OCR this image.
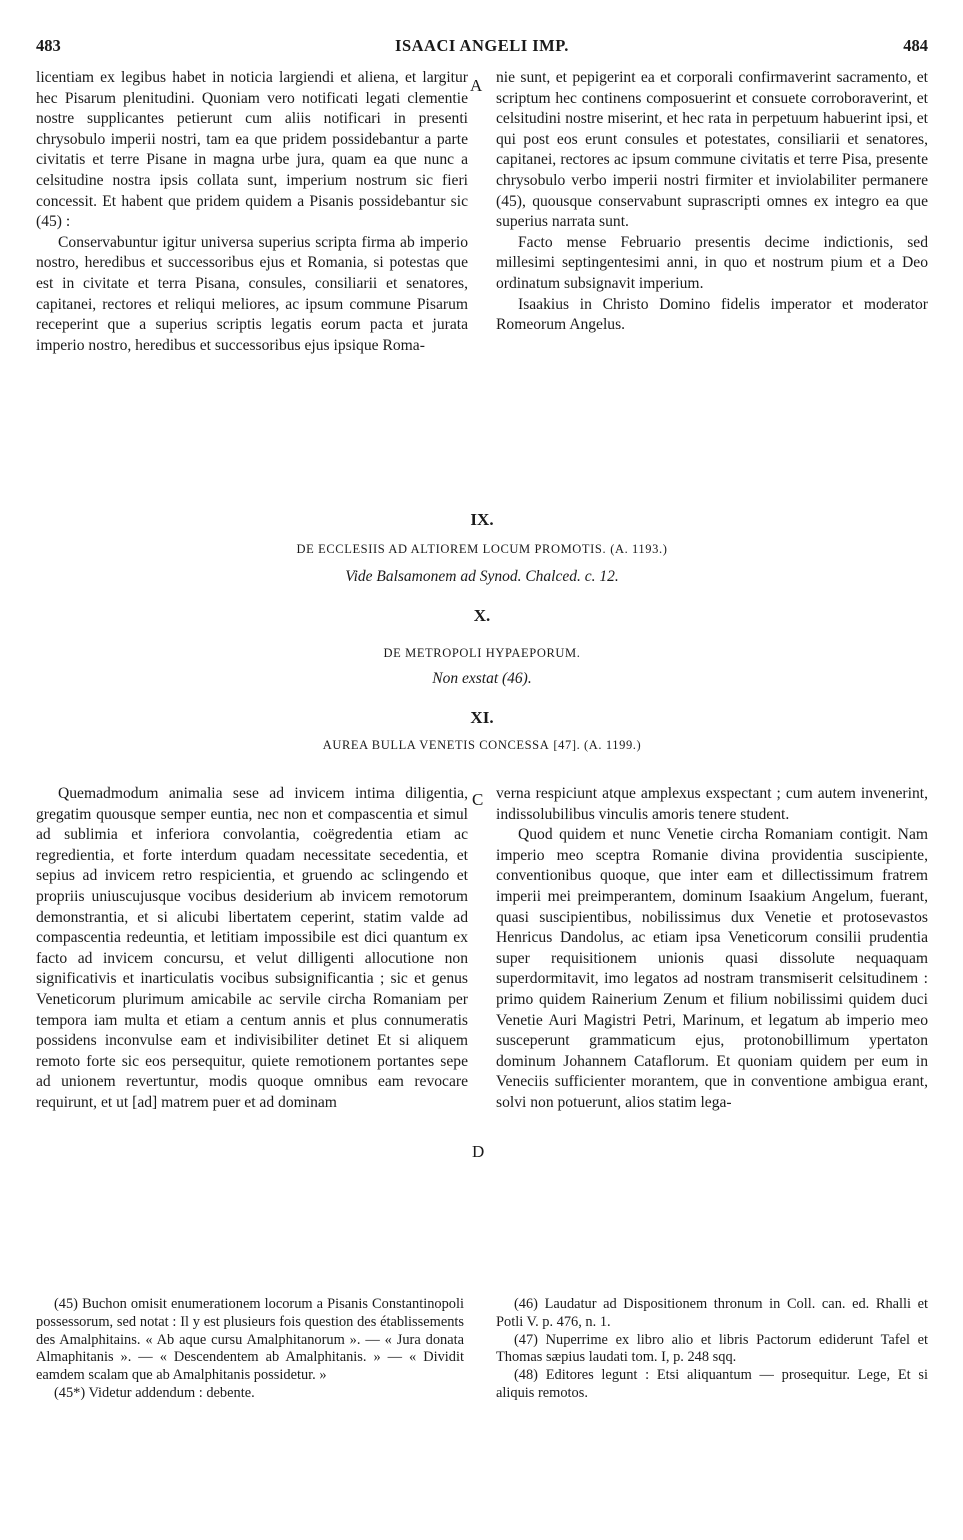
483	ISAACI ANGELI IMP.	484

licentiam ex legibus habet in noticia largiendi et aliena, et largitur hec Pisarum plenitudini. Quoniam vero notificati legati clementie nostre supplicantes petierunt cum aliis notificari in presenti chrysobulo imperii nostri, tam ea que pridem possidebantur a parte civitatis et terre Pisane in magna urbe jura, quam ea que nunc a celsitudine nostra ipsis collata sunt, imperium nostrum sic fieri concessit. Et habent que pridem quidem a Pisanis possidebantur sic (45) :

Conservabuntur igitur universa superius scripta firma ab imperio nostro, heredibus et successoribus ejus et Romania, si potestas que est in civitate et terra Pisana, consules, consiliarii et senatores, capitanei, rectores et reliqui meliores, ac ipsum commune Pisarum receperint que a superius scriptis legatis eorum pacta et jurata imperio nostro, heredibus et successoribus ejus ipsique Roma-

A nie sunt, et pepigerint ea et corporali confirmaverint sacramento, et scriptum hec continens composuerint et consuete corroboraverint, et celsitudini nostre miserint, et hec rata in perpetuum habuerint ipsi, et qui post eos erunt consules et potestates, consiliarii et senatores, capitanei, rectores ac ipsum commune civitatis et terre Pisa, presente chrysobulo verbo imperii nostri firmiter et inviolabiliter permanere (45), quousque conservabunt suprascripti omnes ex integro ea que superius narrata sunt.

Facto mense Februario presentis decime indictionis, sed millesimi septingentesimi anni, in quo et nostrum pium et a Deo ordinatum subsignavit imperium.

Isaakius in Christo Domino fidelis imperator et moderator Romeorum Angelus.

IX.
DE ECCLESIIS AD ALTIOREM LOCUM PROMOTIS. (A. 1193.)
Vide Balsamonem ad Synod. Chalced. c. 12.
X.
DE METROPOLI HYPAEPORUM.
Non exstat (46).
XI.
AUREA BULLA VENETIS CONCESSA [47]. (A. 1199.)

Quemadmodum animalia sese ad invicem intima diligentia, gregatim quousque semper euntia, nec non et compascentia et simul ad sublimia et inferiora convolantia, coëgredentia etiam ac regredientia, et forte interdum quadam necessitate secedentia, et sepius ad invicem retro respicientia, et gruendo ac sclingendo et propriis uniuscujusque vocibus desiderium ab invicem remotorum demonstrantia, et si alicubi libertatem ceperint, statim valde ad compascentia redeuntia, et letitiam impossibile est dici quantum ex facto ad invicem concursu, et velut dilligenti allocutione non significativis et inarticulatis vocibus subsignificantia ; sic et genus Veneticorum plurimum amicabile ac servile circha Romaniam per tempora iam multa et etiam a centum annis et plus connumeratis possidens inconvulse eam et indivisibiliter detinet Et si aliquem remoto forte sic eos persequitur, quiete remotionem portantes sepe ad unionem revertuntur, modis quoque omnibus eam revocare requirunt, et ut [ad] matrem puer et ad dominam

C
D

verna respiciunt atque amplexus exspectant ; cum autem invenerint, indissolubilibus vinculis amoris tenere student.

Quod quidem et nunc Venetie circha Romaniam contigit. Nam imperio meo sceptra Romanie divina providentia suscipiente, conventionibus quoque, que inter eam et dillectissimum fratrem imperii mei preimperantem, dominum Isaakium Angelum, fuerant, quasi suscipientibus, nobilissimus dux Venetie et protosevastos Henricus Dandolus, ac etiam ipsa Veneticorum consilii prudentia super requisitionem unionis quasi dissolute nequaquam superdormitavit, imo legatos ad nostram transmiserit celsitudinem : primo quidem Rainerium Zenum et filium nobilissimi quidem duci Venetie Auri Magistri Petri, Marinum, et legatum ab imperio meo susceperunt grammaticum ejus, protonobillimum ypertaton dominum Johannem Cataflorum. Et quoniam quidem per eum in Veneciis sufficienter morantem, que in conventione ambigua erant, solvi non potuerunt, alios statim lega-

(45) Buchon omisit enumerationem locorum a Pisanis Constantinopoli possessorum, sed notat : Il y est plusieurs fois question des établissements des Amalphitains. « Ab aque cursu Amalphitanorum ». — « Jura donata Almaphitanis ». — « Descendentem ab Amalphitanis. » — « Dividit eamdem scalam que ab Amalphitanis possidetur. »

(45*) Videtur addendum : debente.

(46) Laudatur ad Dispositionem thronum in Coll. can. ed. Rhalli et Potli V. p. 476, n. 1.

(47) Nuperrime ex libro alio et libris Pactorum ediderunt Tafel et Thomas sæpius laudati tom. I, p. 248 sqq.

(48) Editores legunt : Etsi aliquantum — prosequitur. Lege, Et si aliquis remotos.
